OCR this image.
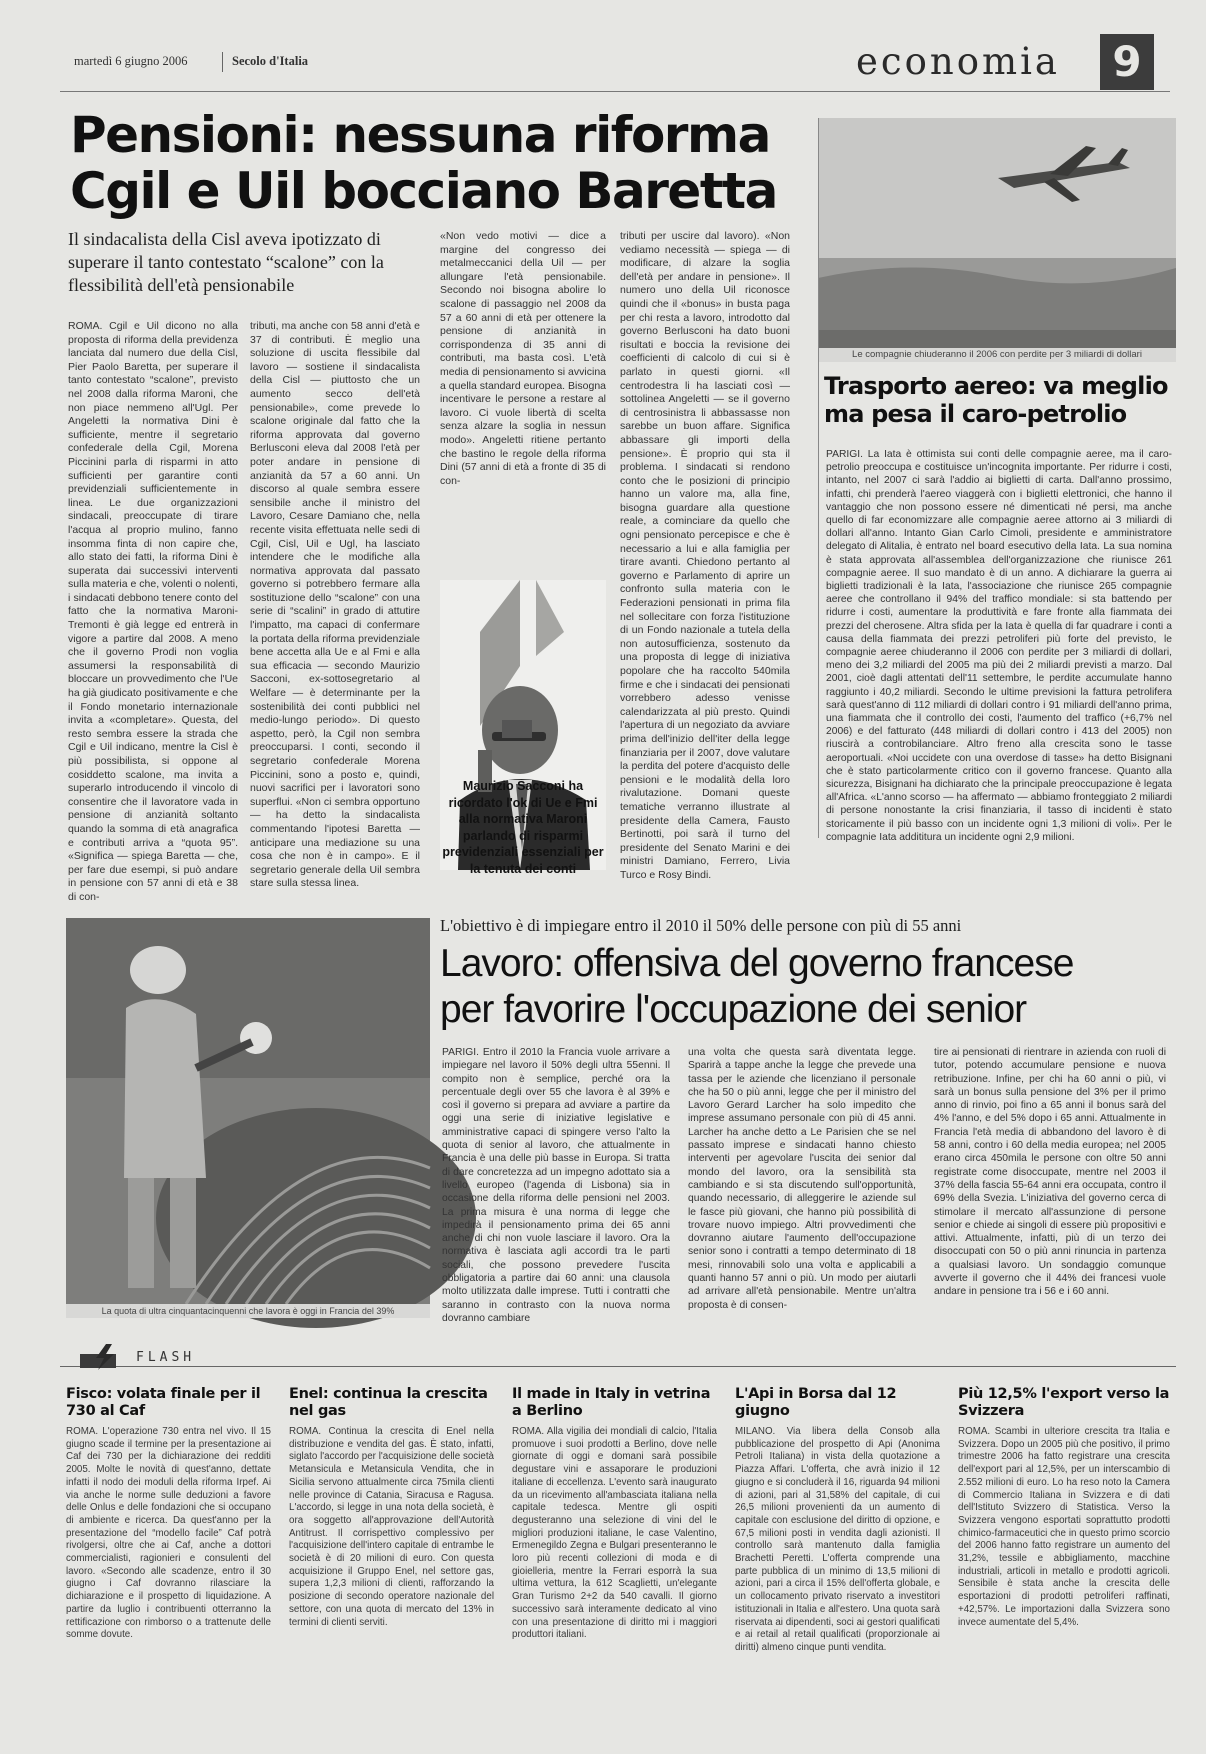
martedì 6 giugno 2006	Secolo d'Italia	economia 9
Pensioni: nessuna riforma
Cgil e Uil bocciano Baretta
Il sindacalista della Cisl aveva ipotizzato di superare il tanto contestato “scalone” con la flessibilità dell'età pensionabile
ROMA. Cgil e Uil dicono no alla proposta di riforma della previdenza lanciata dal numero due della Cisl, Pier Paolo Baretta, per superare il tanto contestato “scalone”, previsto nel 2008 dalla riforma Maroni, che non piace nemmeno all'Ugl. Per Angeletti la normativa Dini è sufficiente, mentre il segretario confederale della Cgil, Morena Piccinini parla di risparmi in atto sufficienti per garantire conti previdenziali sufficientemente in linea. Le due organizzazioni sindacali, preoccupate di tirare l'acqua al proprio mulino, fanno insomma finta di non capire che, allo stato dei fatti, la riforma Dini è superata dai successivi interventi sulla materia e che, volenti o nolenti, i sindacati debbono tenere conto del fatto che la normativa Maroni-Tremonti è già legge ed entrerà in vigore a partire dal 2008. A meno che il governo Prodi non voglia assumersi la responsabilità di bloccare un provvedimento che l'Ue ha già giudicato positivamente e che il Fondo monetario internazionale invita a «completare». Questa, del resto sembra essere la strada che Cgil e Uil indicano, mentre la Cisl è più possibilista, si oppone al cosiddetto scalone, ma invita a superarlo introducendo il vincolo di consentire che il lavoratore vada in pensione di anzianità soltanto quando la somma di età anagrafica e contributi arriva a “quota 95”. «Significa — spiega Baretta — che, per fare due esempi, si può andare in pensione con 57 anni di età e 38 di con-
tributi, ma anche con 58 anni d'età e 37 di contributi. È meglio una soluzione di uscita flessibile dal lavoro — sostiene il sindacalista della Cisl — piuttosto che un aumento secco dell'età pensionabile», come prevede lo scalone originale dal fatto che la riforma approvata dal governo Berlusconi eleva dal 2008 l'età per poter andare in pensione di anzianità da 57 a 60 anni. Un discorso al quale sembra essere sensibile anche il ministro del Lavoro, Cesare Damiano che, nella recente visita effettuata nelle sedi di Cgil, Cisl, Uil e Ugl, ha lasciato intendere che le modifiche alla normativa approvata dal passato governo si potrebbero fermare alla sostituzione dello “scalone” con una serie di “scalini” in grado di attutire l'impatto, ma capaci di confermare la portata della riforma previdenziale bene accetta alla Ue e al Fmi e alla sua efficacia — secondo Maurizio Sacconi, ex-sottosegretario al Welfare — è determinante per la sostenibilità dei conti pubblici nel medio-lungo periodo». Di questo aspetto, però, la Cgil non sembra preoccuparsi. I conti, secondo il segretario confederale Morena Piccinini, sono a posto e, quindi, nuovi sacrifici per i lavoratori sono superflui. «Non ci sembra opportuno — ha detto la sindacalista commentando l'ipotesi Baretta — anticipare una mediazione su una cosa che non è in campo». E il segretario generale della Uil sembra stare sulla stessa linea.
«Non vedo motivi — dice a margine del congresso dei metalmeccanici della Uil — per allungare l'età pensionabile. Secondo noi bisogna abolire lo scalone di passaggio nel 2008 da 57 a 60 anni di età per ottenere la pensione di anzianità in corrispondenza di 35 anni di contributi, ma basta così. L'età media di pensionamento si avvicina a quella standard europea. Bisogna incentivare le persone a restare al lavoro. Ci vuole libertà di scelta senza alzare la soglia in nessun modo». Angeletti ritiene pertanto che bastino le regole della riforma Dini (57 anni di età a fronte di 35 di con-
tributi per uscire dal lavoro). «Non vediamo necessità — spiega — di modificare, di alzare la soglia dell'età per andare in pensione». Il numero uno della Uil riconosce quindi che il «bonus» in busta paga per chi resta a lavoro, introdotto dal governo Berlusconi ha dato buoni risultati e boccia la revisione dei coefficienti di calcolo di cui si è parlato in questi giorni. «Il centrodestra li ha lasciati così — sottolinea Angeletti — se il governo di centrosinistra li abbassasse non sarebbe un buon affare. Significa abbassare gli importi della pensione». È proprio qui sta il problema. I sindacati si rendono conto che le posizioni di principio hanno un valore ma, alla fine, bisogna guardare alla questione reale, a cominciare da quello che ogni pensionato percepisce e che è necessario a lui e alla famiglia per tirare avanti. Chiedono pertanto al governo e Parlamento di aprire un confronto sulla materia con le Federazioni pensionati in prima fila nel sollecitare con forza l'istituzione di un Fondo nazionale a tutela della non autosufficienza, sostenuto da una proposta di legge di iniziativa popolare che ha raccolto 540mila firme e che i sindacati dei pensionati vorrebbero adesso venisse calendarizzata al più presto. Quindi l'apertura di un negoziato da avviare prima dell'inizio dell'iter della legge finanziaria per il 2007, dove valutare la perdita del potere d'acquisto delle pensioni e le modalità della loro rivalutazione. Domani queste tematiche verranno illustrate al presidente della Camera, Fausto Bertinotti, poi sarà il turno del presidente del Senato Marini e dei ministri Damiano, Ferrero, Livia Turco e Rosy Bindi.
Maurizio Sacconi ha ricordato l'ok di Ue e Fmi alla normativa Maroni parlando di risparmi previdenziali essenziali per la tenuta dei conti
Le compagnie chiuderanno il 2006 con perdite per 3 miliardi di dollari
Trasporto aereo: va meglio ma pesa il caro-petrolio
PARIGI. La Iata è ottimista sui conti delle compagnie aeree, ma il caro-petrolio preoccupa e costituisce un'incognita importante. Per ridurre i costi, intanto, nel 2007 ci sarà l'addio ai biglietti di carta. Dall'anno prossimo, infatti, chi prenderà l'aereo viaggerà con i biglietti elettronici, che hanno il vantaggio che non possono essere né dimenticati né persi, ma anche quello di far economizzare alle compagnie aeree attorno ai 3 miliardi di dollari all'anno. Intanto Gian Carlo Cimoli, presidente e amministratore delegato di Alitalia, è entrato nel board esecutivo della Iata. La sua nomina è stata approvata all'assemblea dell'organizzazione che riunisce 261 compagnie aeree. Il suo mandato è di un anno. A dichiarare la guerra ai biglietti tradizionali è la Iata, l'associazione che riunisce 265 compagnie aeree che controllano il 94% del traffico mondiale: si sta battendo per ridurre i costi, aumentare la produttività e fare fronte alla fiammata dei prezzi del cherosene. Altra sfida per la Iata è quella di far quadrare i conti a causa della fiammata dei prezzi petroliferi più forte del previsto, le compagnie aeree chiuderanno il 2006 con perdite per 3 miliardi di dollari, meno dei 3,2 miliardi del 2005 ma più dei 2 miliardi previsti a marzo. Dal 2001, cioè dagli attentati dell'11 settembre, le perdite accumulate hanno raggiunto i 40,2 miliardi. Secondo le ultime previsioni la fattura petrolifera sarà quest'anno di 112 miliardi di dollari contro i 91 miliardi dell'anno prima, una fiammata che il controllo dei costi, l'aumento del traffico (+6,7% nel 2006) e del fatturato (448 miliardi di dollari contro i 413 del 2005) non riuscirà a controbilanciare. Altro freno alla crescita sono le tasse aeroportuali. «Noi uccidete con una overdose di tasse» ha detto Bisignani che è stato particolarmente critico con il governo francese. Quanto alla sicurezza, Bisignani ha dichiarato che la principale preoccupazione è legata all'Africa. «L'anno scorso — ha affermato — abbiamo fronteggiato 2 miliardi di persone nonostante la crisi finanziaria, il tasso di incidenti è stato storicamente il più basso con un incidente ogni 1,3 milioni di voli». Per le compagnie Iata addititura un incidente ogni 2,9 milioni.
La quota di ultra cinquantacinquenni che lavora è oggi in Francia del 39%
L'obiettivo è di impiegare entro il 2010 il 50% delle persone con più di 55 anni
Lavoro: offensiva del governo francese
per favorire l'occupazione dei senior
PARIGI. Entro il 2010 la Francia vuole arrivare a impiegare nel lavoro il 50% degli ultra 55enni. Il compito non è semplice, perché ora la percentuale degli over 55 che lavora è al 39% e così il governo si prepara ad avviare a partire da oggi una serie di iniziative legislative e amministrative capaci di spingere verso l'alto la quota di senior al lavoro, che attualmente in Francia è una delle più basse in Europa. Si tratta di dare concretezza ad un impegno adottato sia a livello europeo (l'agenda di Lisbona) sia in occasione della riforma delle pensioni nel 2003. La prima misura è una norma di legge che impedirà il pensionamento prima dei 65 anni anche di chi non vuole lasciare il lavoro. Ora la normativa è lasciata agli accordi tra le parti sociali, che possono prevedere l'uscita obbligatoria a partire dai 60 anni: una clausola molto utilizzata dalle imprese. Tutti i contratti che saranno in contrasto con la nuova norma dovranno cambiare
una volta che questa sarà diventata legge. Sparirà a tappe anche la legge che prevede una tassa per le aziende che licenziano il personale che ha 50 o più anni, legge che per il ministro del Lavoro Gerard Larcher ha solo impedito che imprese assumano personale con più di 45 anni. Larcher ha anche detto a Le Parisien che se nel passato imprese e sindacati hanno chiesto interventi per agevolare l'uscita dei senior dal mondo del lavoro, ora la sensibilità sta cambiando e si sta discutendo sull'opportunità, quando necessario, di alleggerire le aziende sul le fasce più giovani, che hanno più possibilità di trovare nuovo impiego. Altri provvedimenti che dovranno aiutare l'aumento dell'occupazione senior sono i contratti a tempo determinato di 18 mesi, rinnovabili solo una volta e applicabili a quanti hanno 57 anni o più. Un modo per aiutarli ad arrivare all'età pensionabile. Mentre un'altra proposta è di consen-
tire ai pensionati di rientrare in azienda con ruoli di tutor, potendo accumulare pensione e nuova retribuzione. Infine, per chi ha 60 anni o più, vi sarà un bonus sulla pensione del 3% per il primo anno di rinvio, poi fino a 65 anni il bonus sarà del 4% l'anno, e del 5% dopo i 65 anni. Attualmente in Francia l'età media di abbandono del lavoro è di 58 anni, contro i 60 della media europea; nel 2005 erano circa 450mila le persone con oltre 50 anni registrate come disoccupate, mentre nel 2003 il 37% della fascia 55-64 anni era occupata, contro il 69% della Svezia. L'iniziativa del governo cerca di stimolare il mercato all'assunzione di persone senior e chiede ai singoli di essere più propositivi e attivi. Attualmente, infatti, più di un terzo dei disoccupati con 50 o più anni rinuncia in partenza a qualsiasi lavoro. Un sondaggio comunque avverte il governo che il 44% dei francesi vuole andare in pensione tra i 56 e i 60 anni.
FLASH
Fisco: volata finale per il 730 al Caf
ROMA. L'operazione 730 entra nel vivo. Il 15 giugno scade il termine per la presentazione ai Caf dei 730 per la dichiarazione dei redditi 2005. Molte le novità di quest'anno, dettate infatti il nodo dei moduli della riforma Irpef. Ai via anche le norme sulle deduzioni a favore delle Onlus e delle fondazioni che si occupano di ambiente e ricerca. Da quest'anno per la presentazione del “modello facile” Caf potrà rivolgersi, oltre che ai Caf, anche a dottori commercialisti, ragionieri e consulenti del lavoro. «Secondo alle scadenze, entro il 30 giugno i Caf dovranno rilasciare la dichiarazione e il prospetto di liquidazione. A partire da luglio i contribuenti otterranno la rettificazione con rimborso o a trattenute delle somme dovute.
Enel: continua la crescita nel gas
ROMA. Continua la crescita di Enel nella distribuzione e vendita del gas. È stato, infatti, siglato l'accordo per l'acquisizione delle società Metansicula e Metansicula Vendita, che in Sicilia servono attualmente circa 75mila clienti nelle province di Catania, Siracusa e Ragusa. L'accordo, si legge in una nota della società, è ora soggetto all'approvazione dell'Autorità Antitrust. Il corrispettivo complessivo per l'acquisizione dell'intero capitale di entrambe le società è di 20 milioni di euro. Con questa acquisizione il Gruppo Enel, nel settore gas, supera 1,2,3 milioni di clienti, rafforzando la posizione di secondo operatore nazionale del settore, con una quota di mercato del 13% in termini di clienti serviti.
Il made in Italy in vetrina a Berlino
ROMA. Alla vigilia dei mondiali di calcio, l'Italia promuove i suoi prodotti a Berlino, dove nelle giornate di oggi e domani sarà possibile degustare vini e assaporare le produzioni italiane di eccellenza. L'evento sarà inaugurato da un ricevimento all'ambasciata italiana nella capitale tedesca. Mentre gli ospiti degusteranno una selezione di vini del le migliori produzioni italiane, le case Valentino, Ermenegildo Zegna e Bulgari presenteranno le loro più recenti collezioni di moda e di gioielleria, mentre la Ferrari esporrà la sua ultima vettura, la 612 Scaglietti, un'elegante Gran Turismo 2+2 da 540 cavalli. Il giorno successivo sarà interamente dedicato al vino con una presentazione di diritto mi i maggiori produttori italiani.
L'Api in Borsa dal 12 giugno
MILANO. Via libera della Consob alla pubblicazione del prospetto di Api (Anonima Petroli Italiana) in vista della quotazione a Piazza Affari. L'offerta, che avrà inizio il 12 giugno e si concluderà il 16, riguarda 94 milioni di azioni, pari al 31,58% del capitale, di cui 26,5 milioni provenienti da un aumento di capitale con esclusione del diritto di opzione, e 67,5 milioni posti in vendita dagli azionisti. Il controllo sarà mantenuto dalla famiglia Brachetti Peretti. L'offerta comprende una parte pubblica di un minimo di 13,5 milioni di azioni, pari a circa il 15% dell'offerta globale, e un collocamento privato riservato a investitori istituzionali in Italia e all'estero. Una quota sarà riservata ai dipendenti, soci ai gestori qualificati e ai retail al retail qualificati (proporzionale ai diritti) almeno cinque punti vendita.
Più 12,5% l'export verso la Svizzera
ROMA. Scambi in ulteriore crescita tra Italia e Svizzera. Dopo un 2005 più che positivo, il primo trimestre 2006 ha fatto registrare una crescita dell'export pari al 12,5%, per un interscambio di 2.552 milioni di euro. Lo ha reso noto la Camera di Commercio Italiana in Svizzera e di dati dell'Istituto Svizzero di Statistica. Verso la Svizzera vengono esportati soprattutto prodotti chimico-farmaceutici che in questo primo scorcio del 2006 hanno fatto registrare un aumento del 31,2%, tessile e abbigliamento, macchine industriali, articoli in metallo e prodotti agricoli. Sensibile è stata anche la crescita delle esportazioni di prodotti petroliferi raffinati, +42,57%. Le importazioni dalla Svizzera sono invece aumentate del 5,4%.
